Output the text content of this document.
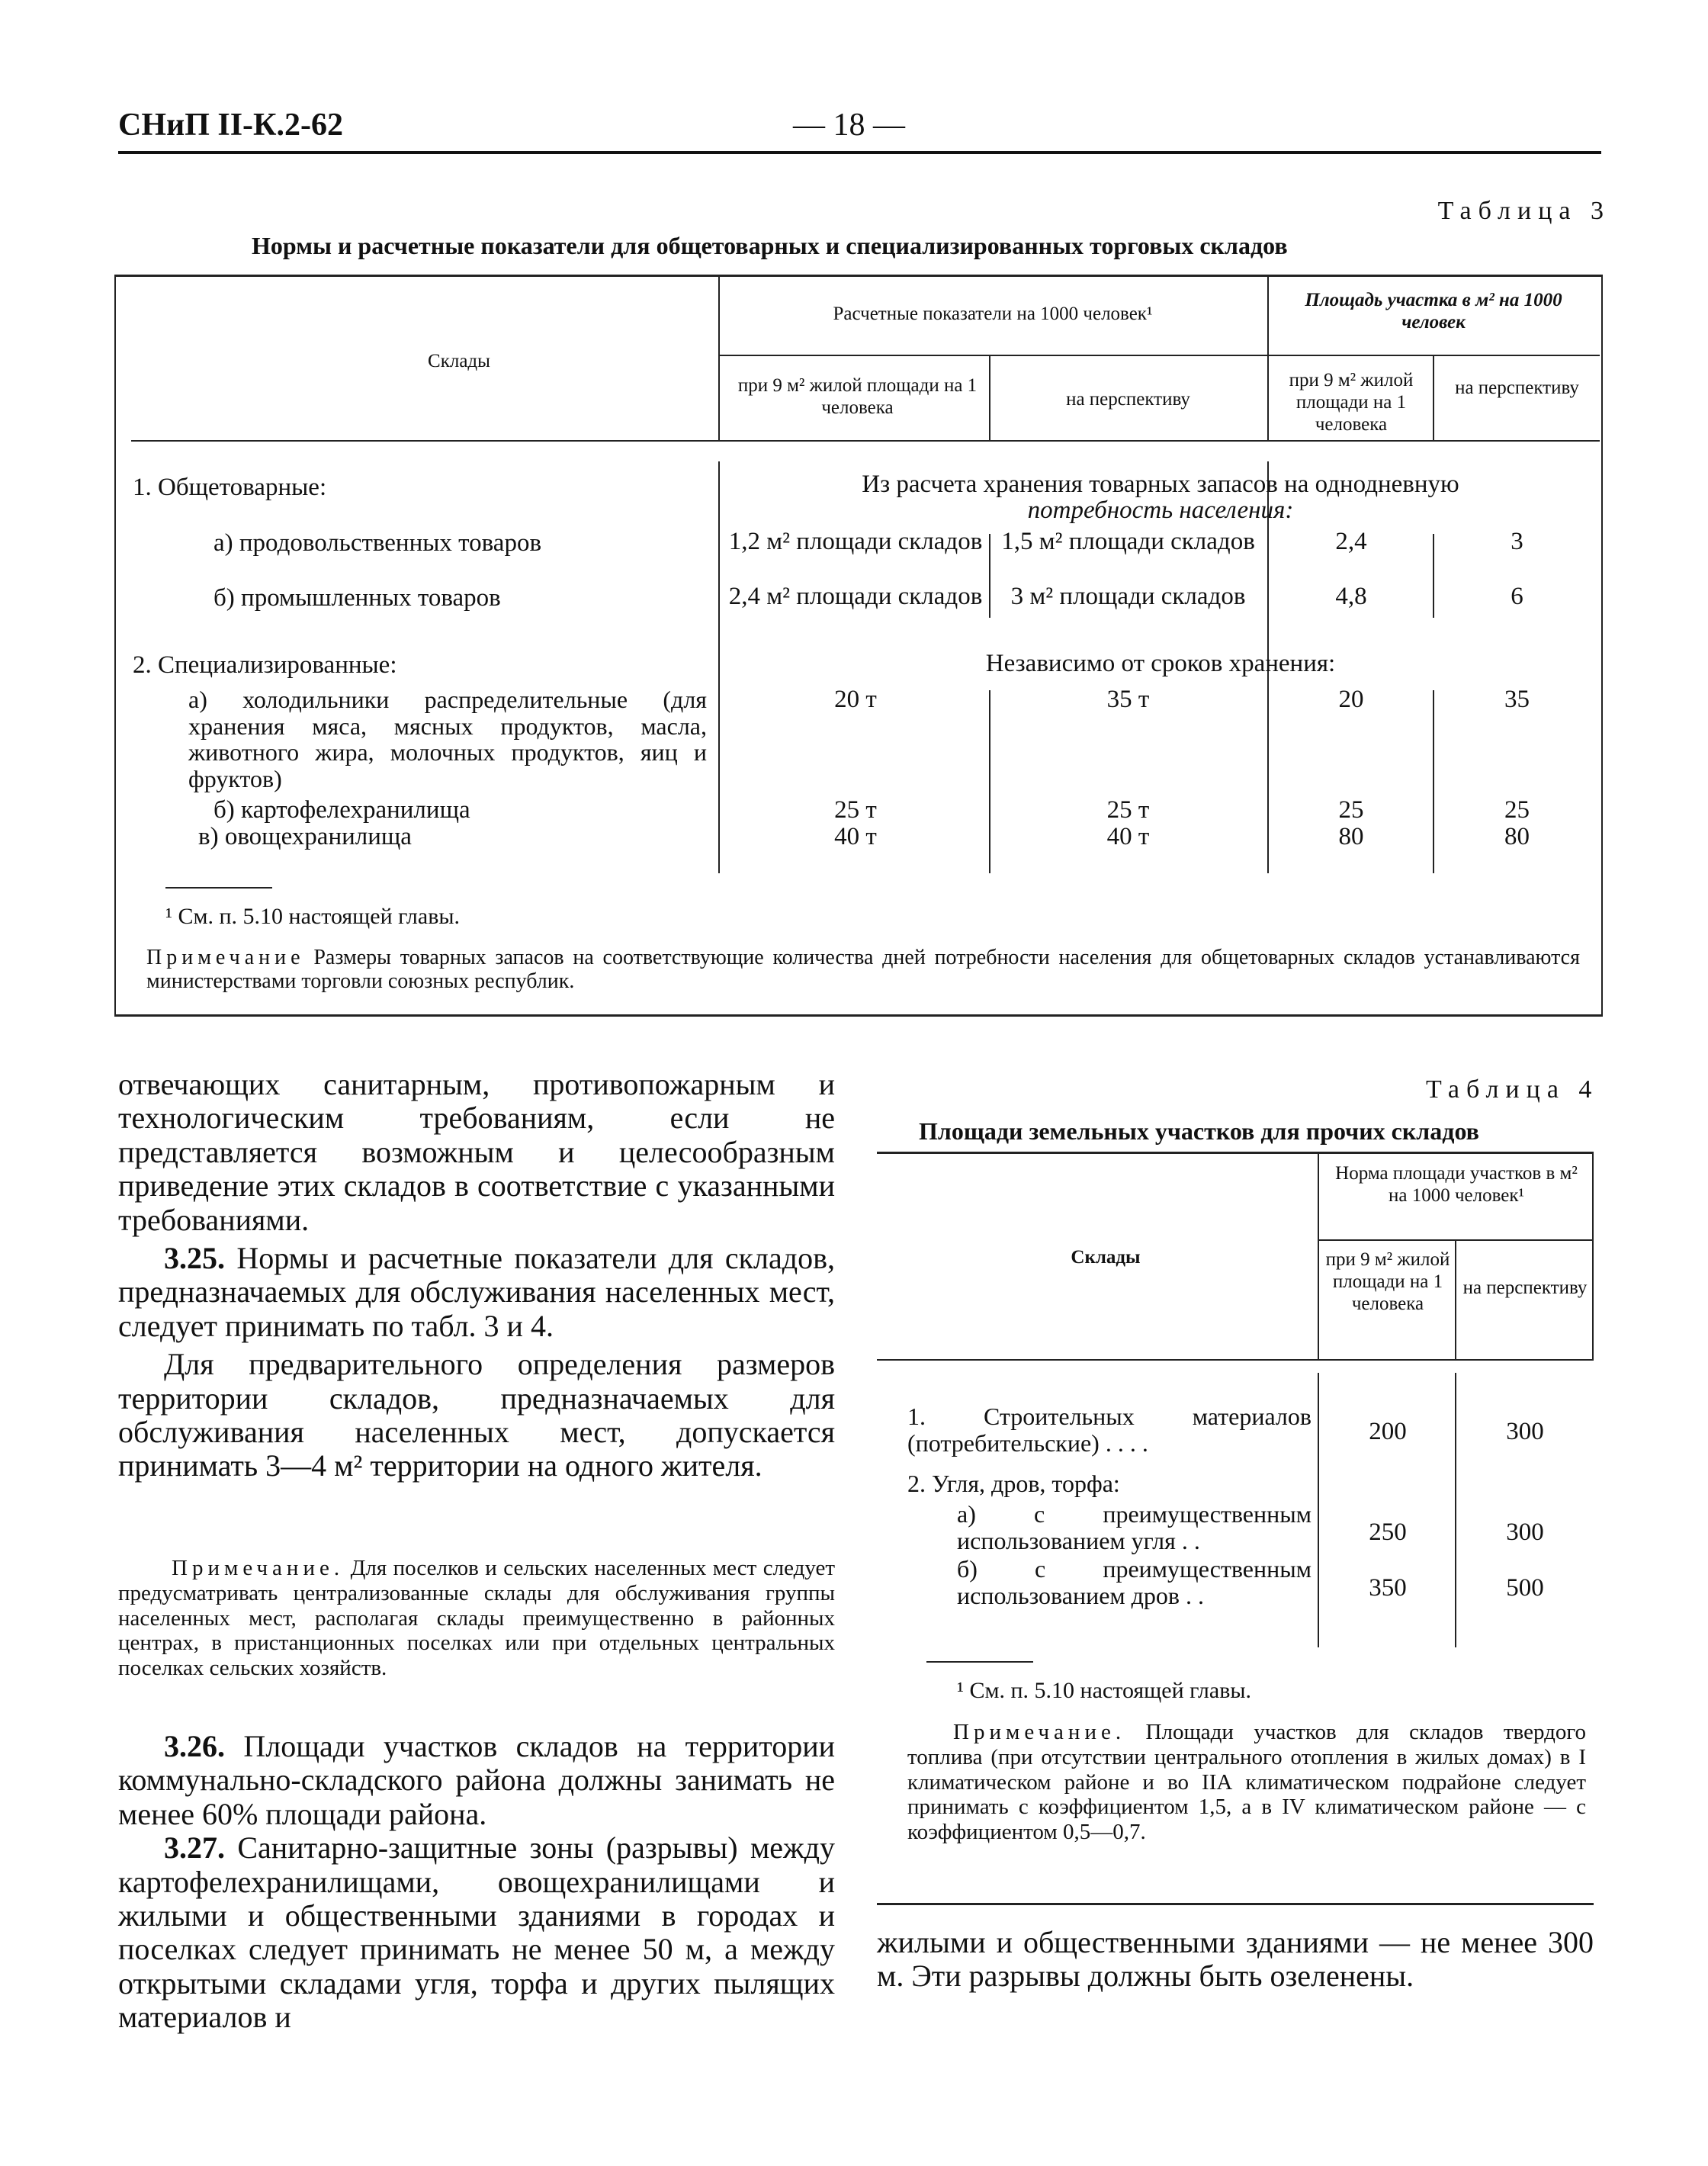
СНиП II-К.2-62	— 18 —
Таблица 3
Нормы и расчетные показатели для общетоварных и специализированных торговых складов
Склады
Расчетные показатели на 1000 человек¹
Площадь участка в м² на 1000 человек
при 9 м² жилой площади на 1 человека	на перспективу
при 9 м² жилой площади на 1 человека
на перспективу
1. Общетоварные:	Из расчета хранения товарных запасов на однодневную
потребность населения:
а) продовольственных товаров	1,2 м² площади складов 1,5 м² площади складов	2,4	3
б) промышленных товаров	2,4 м² площади складов	3 м² площади складов	4,8	6
2. Специализированные:	Независимо от сроков хранения:
а) холодильники распределительные (для хранения мяса, мясных продуктов, масла, животного жира, молочных продуктов, яиц и фруктов)
20 т	35 т	20	35
б) картофелехранилища	25 т	25 т	25	25
в) овощехранилища	40 т	40 т	80	80
¹ См. п. 5.10 настоящей главы.
Примечание Размеры товарных запасов на соответствующие количества дней потребности населения для общетоварных складов устанавливаются министерствами торговли союзных республик.

отвечающих санитарным, противопожарным и технологическим требованиям, если не представляется возможным и целесообразным приведение этих складов в соответствие с указанными требованиями.

3.25. Нормы и расчетные показатели для складов, предназначаемых для обслуживания населенных мест, следует принимать по табл. 3 и 4.

Для предварительного определения размеров территории складов, предназначаемых для обслуживания населенных мест, допускается принимать 3—4 м² территории на одного жителя.

Примечание. Для поселков и сельских населенных мест следует предусматривать централизованные склады для обслуживания группы населенных мест, располагая склады преимущественно в районных центрах, в пристанционных поселках или при отдельных центральных поселках сельских хозяйств.

3.26. Площади участков складов на территории коммунально-складского района должны занимать не менее 60% площади района.

3.27. Санитарно-защитные зоны (разрывы) между картофелехранилищами, овощехранилищами и жилыми и общественными зданиями в городах и поселках следует принимать не менее 50 м, а между открытыми складами угля, торфа и других пылящих материалов и

Таблица 4
Площади земельных участков для прочих складов
Склады
Норма площади участков в м² на 1000 человек¹
при 9 м² жилой площади на 1 человека
на перспективу
1. Строительных материалов (потребительские) . . . .	200	300
2. Угля, дров, торфа:
а) с преимущественным использованием угля . .	250	300
б) с преимущественным использованием дров . .	350	500
¹ См. п. 5.10 настоящей главы.
Примечание. Площади участков для складов твердого топлива (при отсутствии центрального отопления в жилых домах) в I климатическом районе и во IIА климатическом подрайоне следует принимать с коэффициентом 1,5, а в IV климатическом районе — с коэффициентом 0,5—0,7.
жилыми и общественными зданиями — не менее 300 м. Эти разрывы должны быть озеленены.
